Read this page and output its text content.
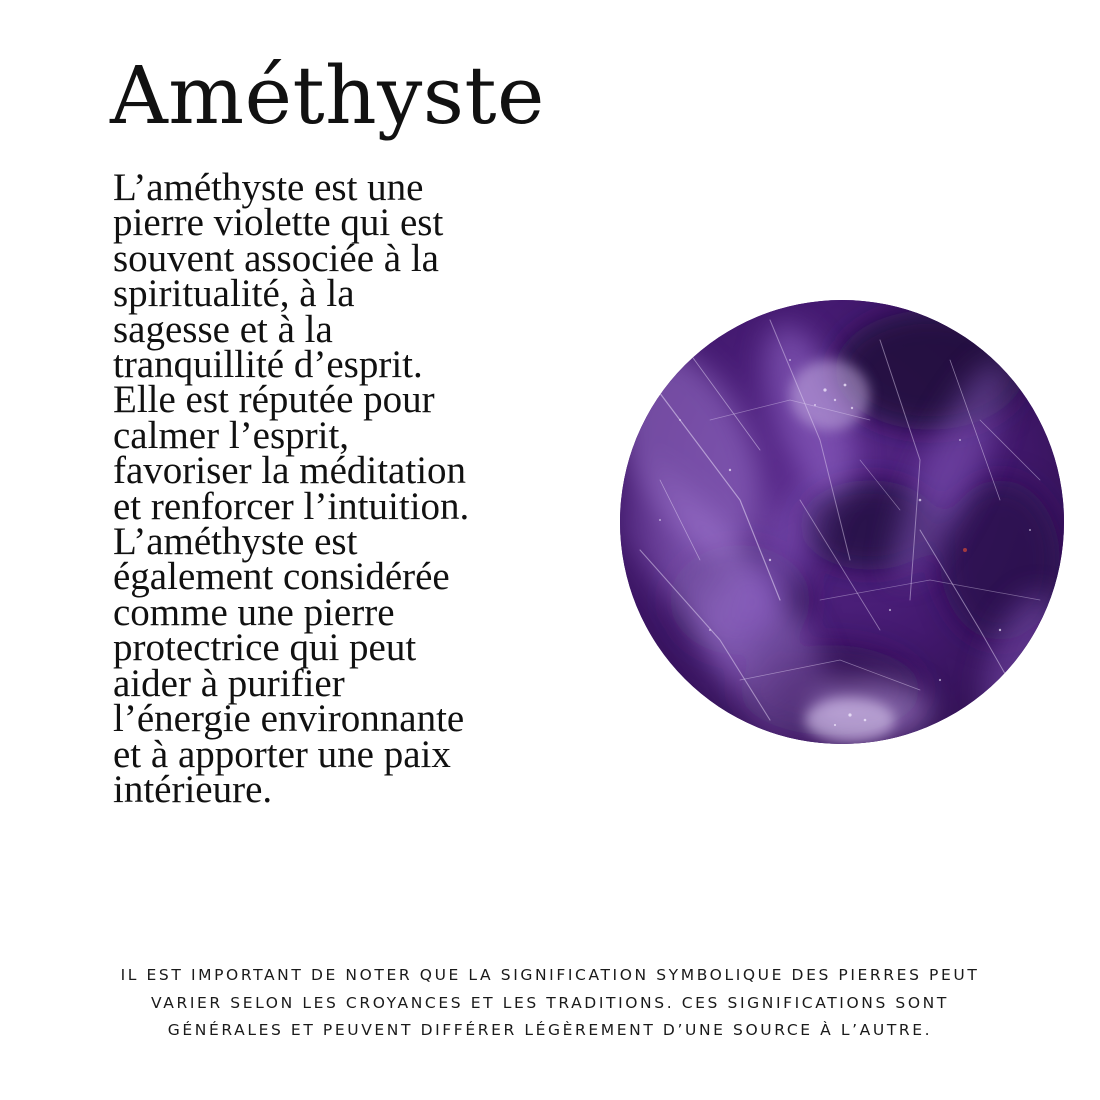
Améthyste

L’améthyste est une
pierre violette qui est
souvent associée à la
spiritualité, à la
sagesse et à la
tranquillité d’esprit.
Elle est réputée pour
calmer l’esprit,
favoriser la méditation
et renforcer l’intuition.
L’améthyste est
également considérée
comme une pierre
protectrice qui peut
aider à purifier
l’énergie environnante
et à apporter une paix
intérieure.

IL EST IMPORTANT DE NOTER QUE LA SIGNIFICATION SYMBOLIQUE DES PIERRES PEUT
VARIER SELON LES CROYANCES ET LES TRADITIONS. CES SIGNIFICATIONS SONT
GÉNÉRALES ET PEUVENT DIFFÉRER LÉGÈREMENT D’UNE SOURCE À L’AUTRE.
